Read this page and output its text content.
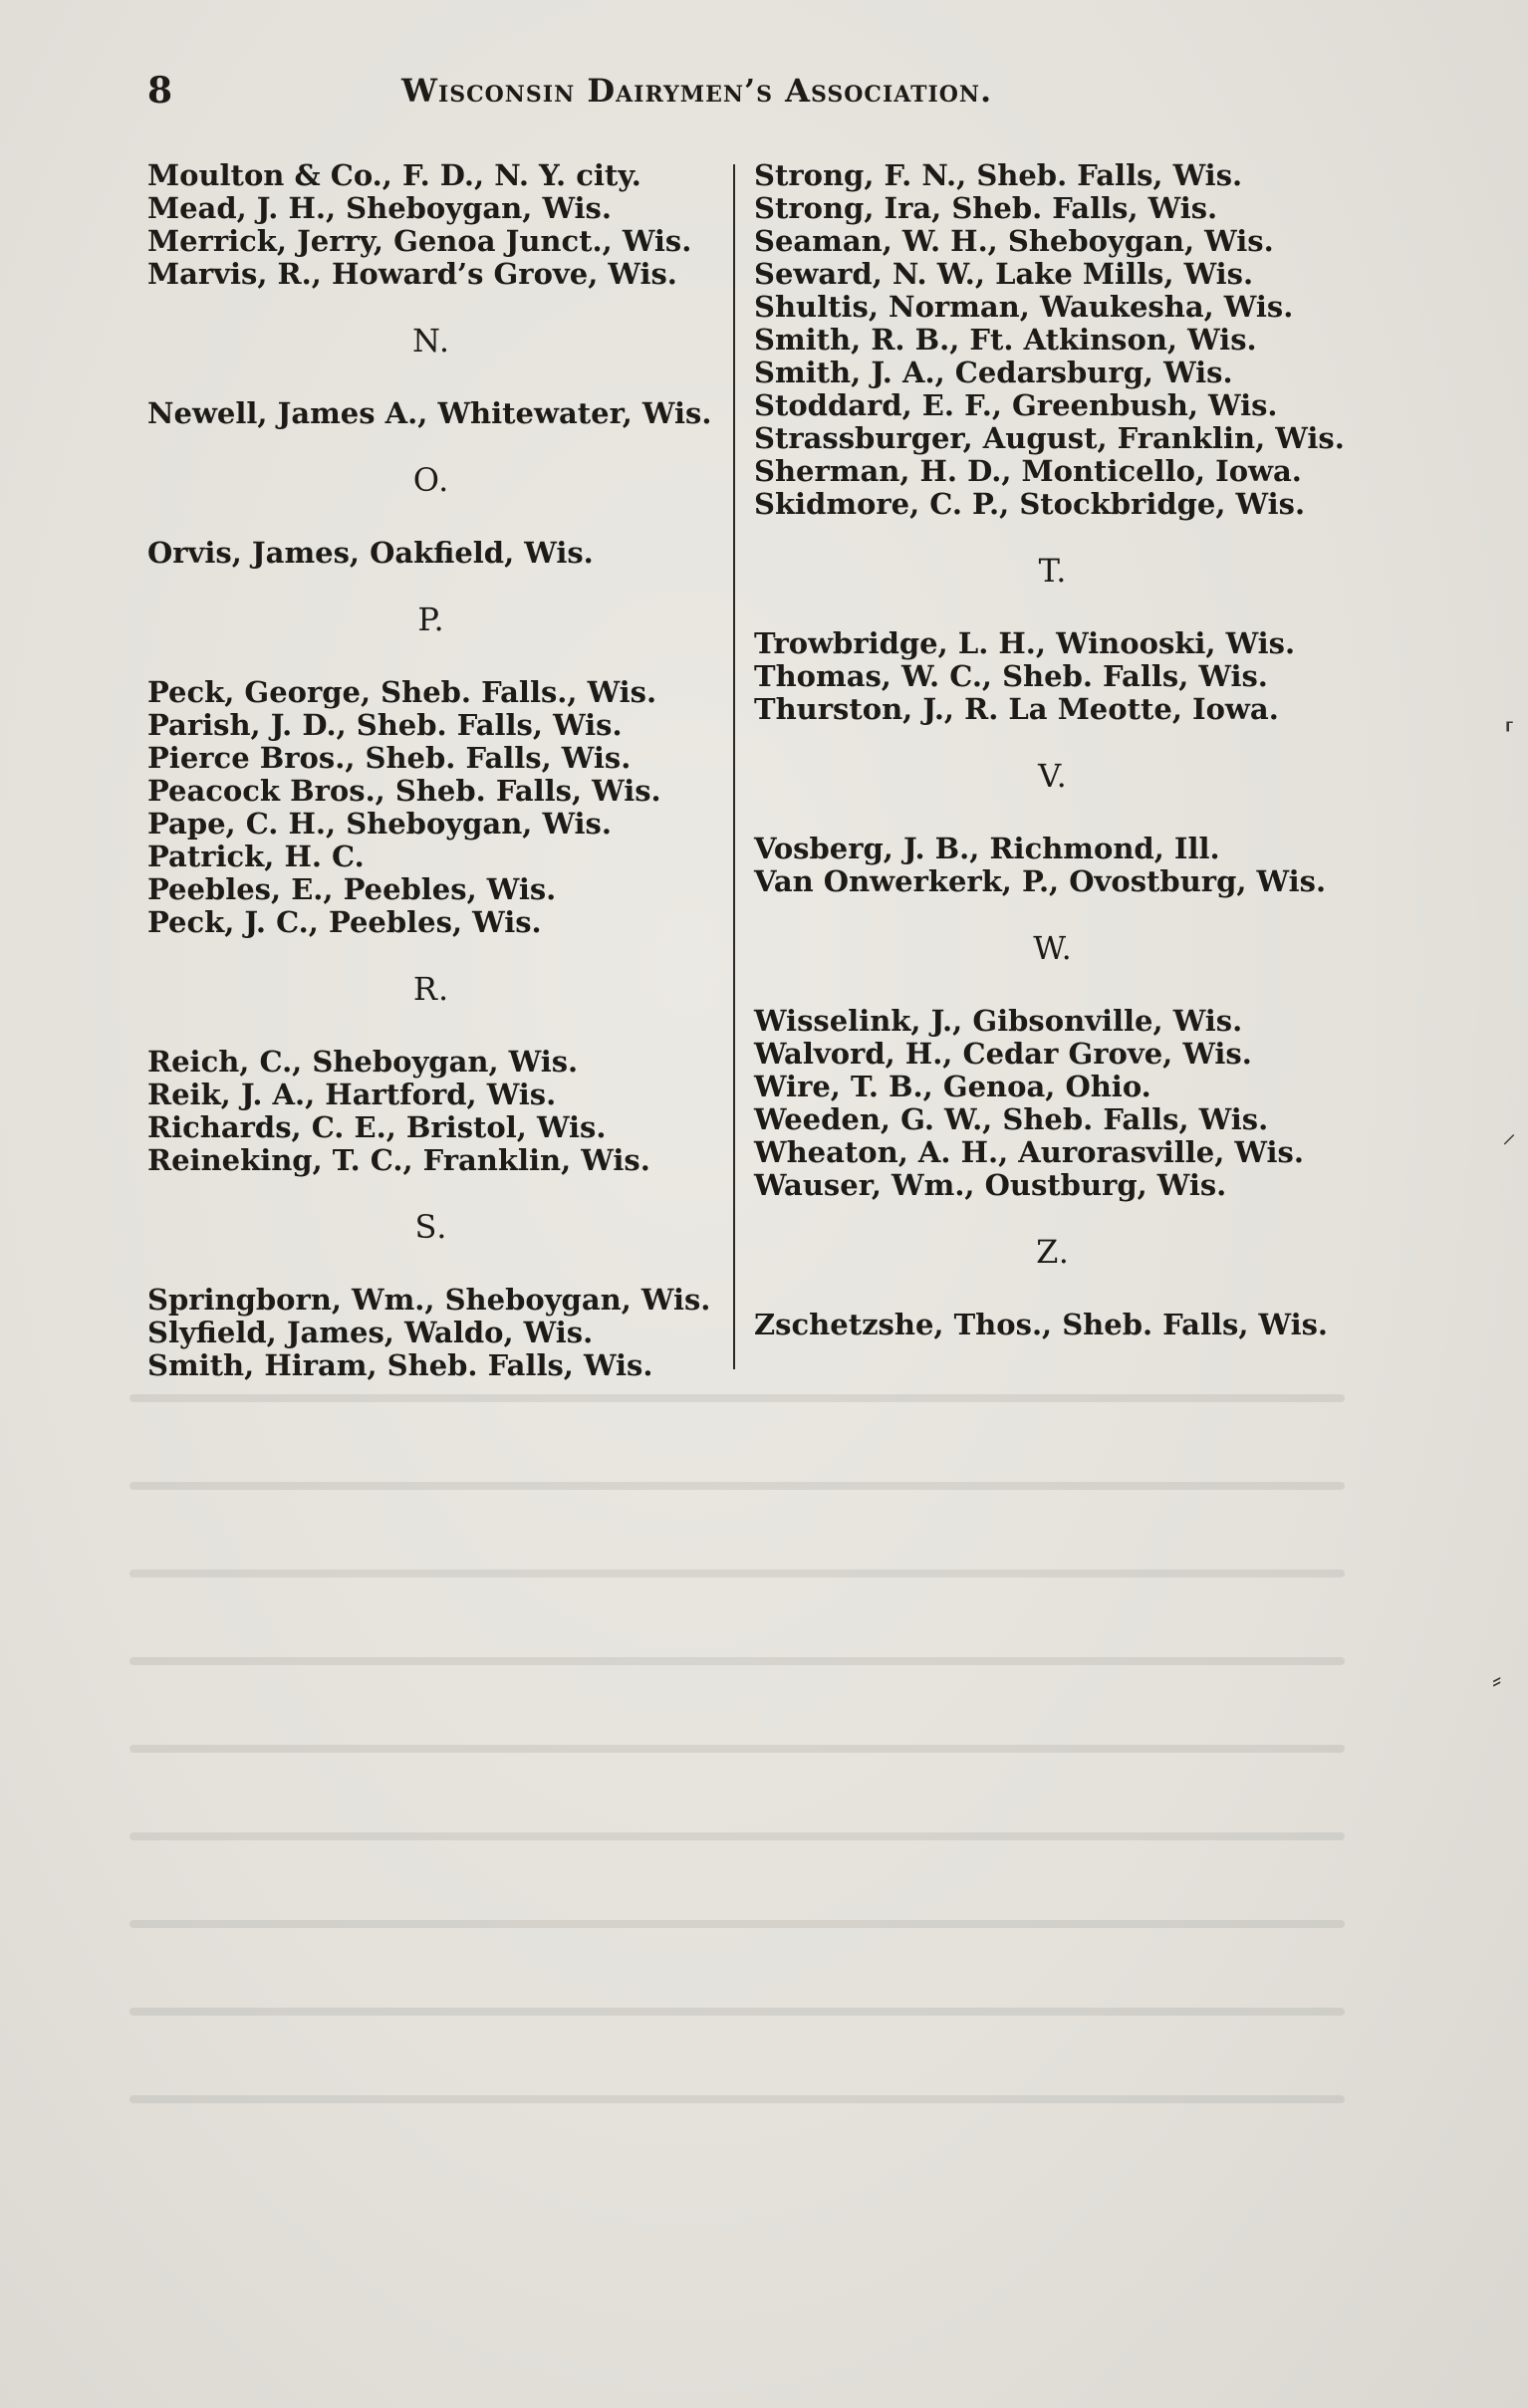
8	Wisconsin Dairymen’s Association.
Moulton & Co., F. D., N. Y. city.
Mead, J. H., Sheboygan, Wis.
Merrick, Jerry, Genoa Junct., Wis.
Marvis, R., Howard’s Grove, Wis.
N.
Newell, James A., Whitewater, Wis.
O.
Orvis, James, Oakfield, Wis.
P.
Peck, George, Sheb. Falls., Wis.
Parish, J. D., Sheb. Falls, Wis.
Pierce Bros., Sheb. Falls, Wis.
Peacock Bros., Sheb. Falls, Wis.
Pape, C. H., Sheboygan, Wis.
Patrick, H. C.
Peebles, E., Peebles, Wis.
Peck, J. C., Peebles, Wis.
R.
Reich, C., Sheboygan, Wis.
Reik, J. A., Hartford, Wis.
Richards, C. E., Bristol, Wis.
Reineking, T. C., Franklin, Wis.
S.
Springborn, Wm., Sheboygan, Wis.
Slyfield, James, Waldo, Wis.
Smith, Hiram, Sheb. Falls, Wis.
Strong, F. N., Sheb. Falls, Wis.
Strong, Ira, Sheb. Falls, Wis.
Seaman, W. H., Sheboygan, Wis.
Seward, N. W., Lake Mills, Wis.
Shultis, Norman, Waukesha, Wis.
Smith, R. B., Ft. Atkinson, Wis.
Smith, J. A., Cedarsburg, Wis.
Stoddard, E. F., Greenbush, Wis.
Strassburger, August, Franklin, Wis.
Sherman, H. D., Monticello, Iowa.
Skidmore, C. P., Stockbridge, Wis.
T.
Trowbridge, L. H., Winooski, Wis.
Thomas, W. C., Sheb. Falls, Wis.
Thurston, J., R. La Meotte, Iowa.
V.
Vosberg, J. B., Richmond, Ill.
Van Onwerkerk, P., Ovostburg, Wis.
W.
Wisselink, J., Gibsonville, Wis.
Walvord, H., Cedar Grove, Wis.
Wire, T. B., Genoa, Ohio.
Weeden, G. W., Sheb. Falls, Wis.
Wheaton, A. H., Aurorasville, Wis.
Wauser, Wm., Oustburg, Wis.
Z.
Zschetzshe, Thos., Sheb. Falls, Wis.
⸢
⸍
⸗
